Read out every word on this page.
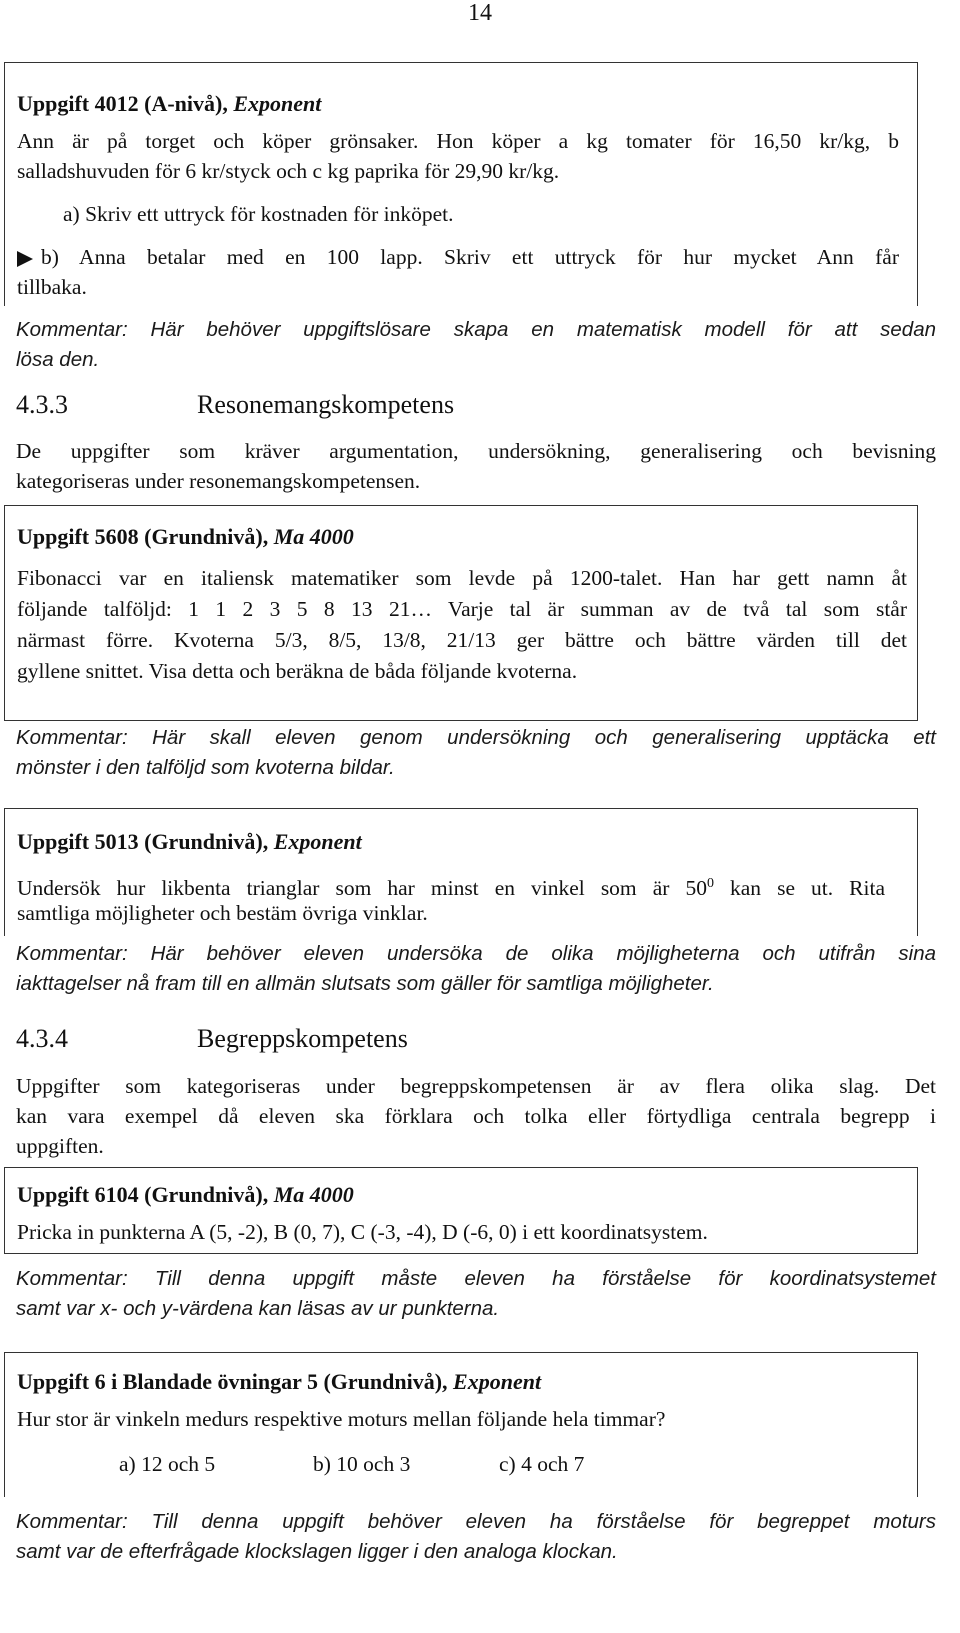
14
Uppgift 4012 (A-nivå), Exponent
Ann är på torget och köper grönsaker. Hon köper a kg tomater för 16,50 kr/kg, b
salladshuvuden för 6 kr/styck och c kg paprika för 29,90 kr/kg.
a) Skriv ett uttryck för kostnaden för inköpet.
b) Anna betalar med en 100 lapp. Skriv ett uttryck för hur mycket Ann får
tillbaka.
Kommentar: Här behöver uppgiftslösare skapa en matematisk modell för att sedan
lösa den.
4.3.3	Resonemangskompetens
De uppgifter som kräver argumentation, undersökning, generalisering och bevisning
kategoriseras under resonemangskompetensen.
Uppgift 5608 (Grundnivå), Ma 4000
Fibonacci var en italiensk matematiker som levde på 1200-talet. Han har gett namn åt
följande talföljd: 1 1 2 3 5 8 13 21… Varje tal är summan av de två tal som står
närmast förre. Kvoterna 5/3, 8/5, 13/8, 21/13 ger bättre och bättre värden till det
gyllene snittet. Visa detta och beräkna de båda följande kvoterna.
Kommentar: Här skall eleven genom undersökning och generalisering upptäcka ett
mönster i den talföljd som kvoterna bildar.
Uppgift 5013 (Grundnivå), Exponent
Undersök hur likbenta trianglar som har minst en vinkel som är $50^0$ kan se ut. Rita
samtliga möjligheter och bestäm övriga vinklar.
Kommentar: Här behöver eleven undersöka de olika möjligheterna och utifrån sina
iakttagelser nå fram till en allmän slutsats som gäller för samtliga möjligheter.
4.3.4	Begreppskompetens
Uppgifter som kategoriseras under begreppskompetensen är av flera olika slag. Det
kan vara exempel då eleven ska förklara och tolka eller förtydliga centrala begrepp i
uppgiften.
Uppgift 6104 (Grundnivå), Ma 4000
Pricka in punkterna A (5, -2), B (0, 7), C (-3, -4), D (-6, 0) i ett koordinatsystem.
Kommentar: Till denna uppgift måste eleven ha förståelse för koordinatsystemet
samt var x- och y-värdena kan läsas av ur punkterna.
Uppgift 6 i Blandade övningar 5 (Grundnivå), Exponent
Hur stor är vinkeln medurs respektive moturs mellan följande hela timmar?
a) 12 och 5	b) 10 och 3	c) 4 och 7
Kommentar: Till denna uppgift behöver eleven ha förståelse för begreppet moturs
samt var de efterfrågade klockslagen ligger i den analoga klockan.
